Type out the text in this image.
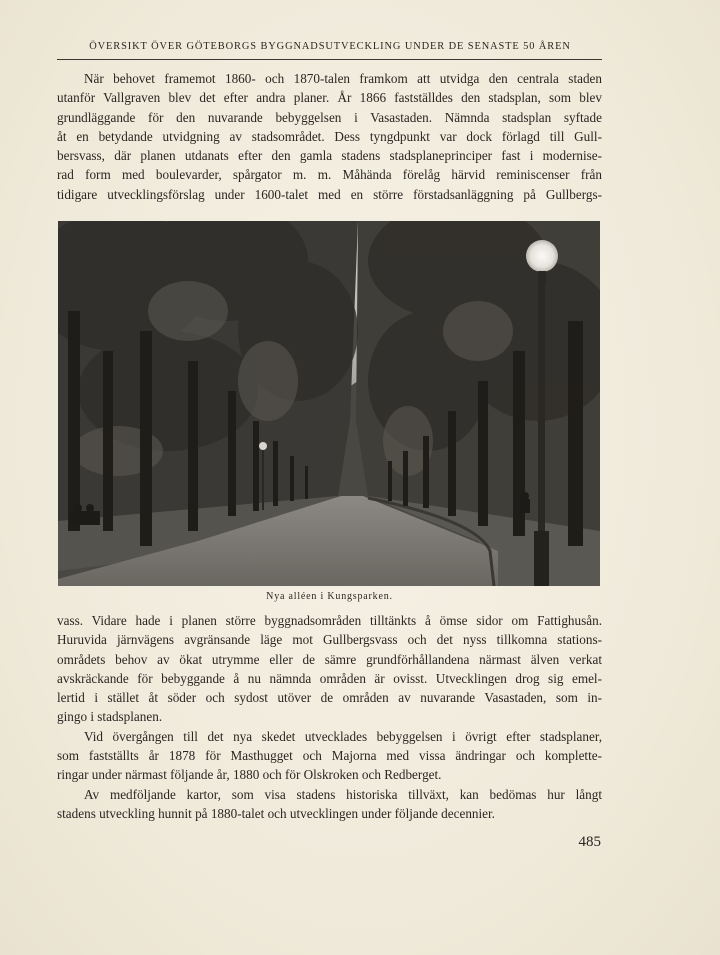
ÖVERSIKT ÖVER GÖTEBORGS BYGGNADSUTVECKLING UNDER DE SENASTE 50 ÅREN
När behovet framemot 1860- och 1870-talen framkom att utvidga den centrala staden
utanför Vallgraven blev det efter andra planer. År 1866 fastställdes den stadsplan, som blev
grundläggande för den nuvarande bebyggelsen i Vasastaden. Nämnda stadsplan syftade
åt en betydande utvidgning av stadsområdet. Dess tyngdpunkt var dock förlagd till Gull-
bersvass, där planen utdanats efter den gamla stadens stadsplaneprinciper fast i modernise-
rad form med boulevarder, spårgator m. m. Måhända förelåg härvid reminiscenser från
tidigare utvecklingsförslag under 1600-talet med en större förstadsanläggning på Gullbergs-
Nya alléen i Kungsparken.
vass. Vidare hade i planen större byggnadsområden tilltänkts å ömse sidor om Fattighusån.
Huruvida järnvägens avgränsande läge mot Gullbergsvass och det nyss tillkomna stations-
områdets behov av ökat utrymme eller de sämre grundförhållandena närmast älven verkat
avskräckande för bebyggande å nu nämnda områden är ovisst. Utvecklingen drog sig emel-
lertid i stället åt söder och sydost utöver de områden av nuvarande Vasastaden, som in-
gingo i stadsplanen.
Vid övergången till det nya skedet utvecklades bebyggelsen i övrigt efter stadsplaner,
som fastställts år 1878 för Masthugget och Majorna med vissa ändringar och komplette-
ringar under närmast följande år, 1880 och för Olskroken och Redberget.
Av medföljande kartor, som visa stadens historiska tillväxt, kan bedömas hur långt
stadens utveckling hunnit på 1880-talet och utvecklingen under följande decennier.
485
